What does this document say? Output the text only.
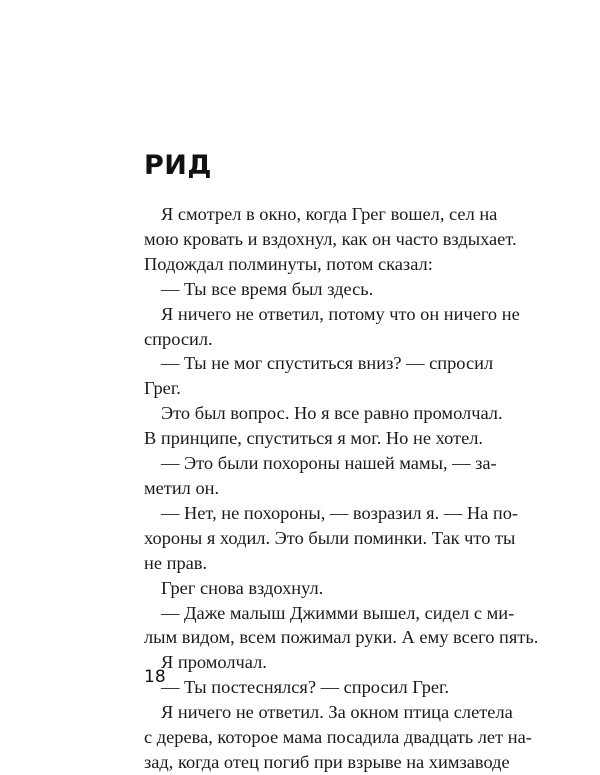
РИД

Я смотрел в окно, когда Грег вошел, сел на
мою кровать и вздохнул, как он часто вздыхает.
Подождал полминуты, потом сказал:

— Ты все время был здесь.

Я ничего не ответил, потому что он ничего не
спросил.

— Ты не мог спуститься вниз? — спросил
Грег.

Это был вопрос. Но я все равно промолчал.
В принципе, спуститься я мог. Но не хотел.

— Это были похороны нашей мамы, — за-
метил он.

— Нет, не похороны, — возразил я. — На по-
хороны я ходил. Это были поминки. Так что ты
не прав.

Грег снова вздохнул.

— Даже малыш Джимми вышел, сидел с ми-
лым видом, всем пожимал руки. А ему всего пять.

Я промолчал.

— Ты постеснялся? — спросил Грег.

Я ничего не ответил. За окном птица слетела
с дерева, которое мама посадила двадцать лет на-
зад, когда отец погиб при взрыве на химзаводе

18
